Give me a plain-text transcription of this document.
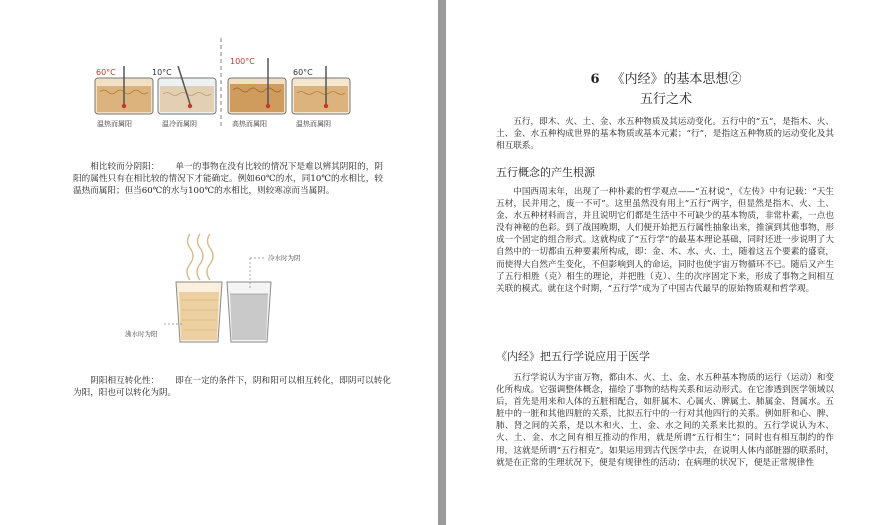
60°C	10°C
100°C
60°C
温热而属阳	温冷而属阴	高热而属阳	温热而属阴

相比较而分阴阳： 单一的事物在没有比较的情况下是难以辨其阴阳的，阴阳的属性只有在相比较的情况下才能确定。例如60℃的水，同10℃的水相比，较温热而属阳；但当60℃的水与100℃的水相比，则较寒凉而当属阴。

冷水时为阴
沸水时为阳

阴阳相互转化性： 即在一定的条件下，阴和阳可以相互转化，即阴可以转化为阳，阳也可以转化为阴。

6 《内经》的基本思想②
五行之术

五行，即木、火、土、金、水五种物质及其运动变化。五行中的“五”，是指木、火、土、金、水五种构成世界的基本物质或基本元素；“行”，是指这五种物质的运动变化及其相互联系。

五行概念的产生根源

中国西周末年，出现了一种朴素的哲学观点——“五材说”，《左传》中有记载：“天生五材，民并用之，废一不可”。这里虽然没有用上“五行”两字，但显然是指木、火、土、金、水五种材料而言，并且说明它们都是生活中不可缺少的基本物质，非常朴素，一点也没有神秘的色彩。到了战国晚期，人们便开始把五行属性抽象出来，推演到其他事物，形成一个固定的组合形式。这就构成了“五行学”的最基本理论基础，同时还进一步说明了大自然中的一切都由五种要素所构成，即：金、木、水、火、土，随着这五个要素的盛衰，而使得大自然产生变化，不但影响到人的命运，同时也使宇宙万物循环不已。随后又产生了五行相胜（克）相生的理论，并把胜（克）、生的次序固定下来，形成了事物之间相互关联的模式。就在这个时期，“五行学”成为了中国古代最早的原始物质观和哲学观。

《内经》把五行学说应用于医学

五行学说认为宇宙万物，都由木、火、土、金、水五种基本物质的运行（运动）和变化所构成。它强调整体概念，描绘了事物的结构关系和运动形式。在它渗透到医学领域以后，首先是用来和人体的五脏相配合，如肝属木、心属火、脾属土、肺属金、肾属水。五脏中的一脏和其他四脏的关系，比拟五行中的一行对其他四行的关系。例如肝和心、脾、肺、肾之间的关系，是以木和火、土、金、水之间的关系来比拟的。五行学说认为木、火、土、金、水之间有相互推动的作用，就是所谓“五行相生”；同时也有相互制约的作用，这就是所谓“五行相克”。如果运用到古代医学中去，在说明人体内部脏器的联系时，就是在正常的生理状况下，便是有规律性的活动；在病理的状况下，便是正常规律性
